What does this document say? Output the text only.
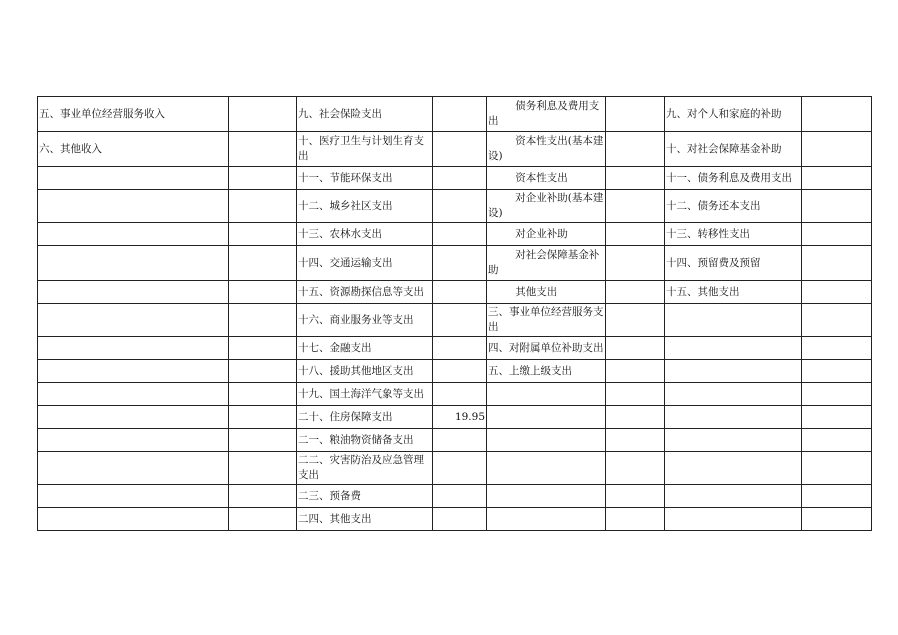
五、事业单位经营服务收入		九、社会保险支出		债务利息及费用支出		九、对个人和家庭的补助	
六、其他收入		十、医疗卫生与计划生育支出		资本性支出(基本建设)		十、对社会保障基金补助	
		十一、节能环保支出		资本性支出		十一、债务利息及费用支出	
		十二、城乡社区支出		对企业补助(基本建设)		十二、债务还本支出	
		十三、农林水支出		对企业补助		十三、转移性支出	
		十四、交通运输支出		对社会保障基金补助		十四、预留费及预留	
		十五、资源勘探信息等支出		其他支出		十五、其他支出	
		十六、商业服务业等支出		三、事业单位经营服务支出			
		十七、金融支出		四、对附属单位补助支出			
		十八、援助其他地区支出		五、上缴上级支出			
		十九、国土海洋气象等支出					
		二十、住房保障支出	19.95				
		二一、粮油物资储备支出					
		二二、灾害防治及应急管理支出					
		二三、预备费					
		二四、其他支出					
